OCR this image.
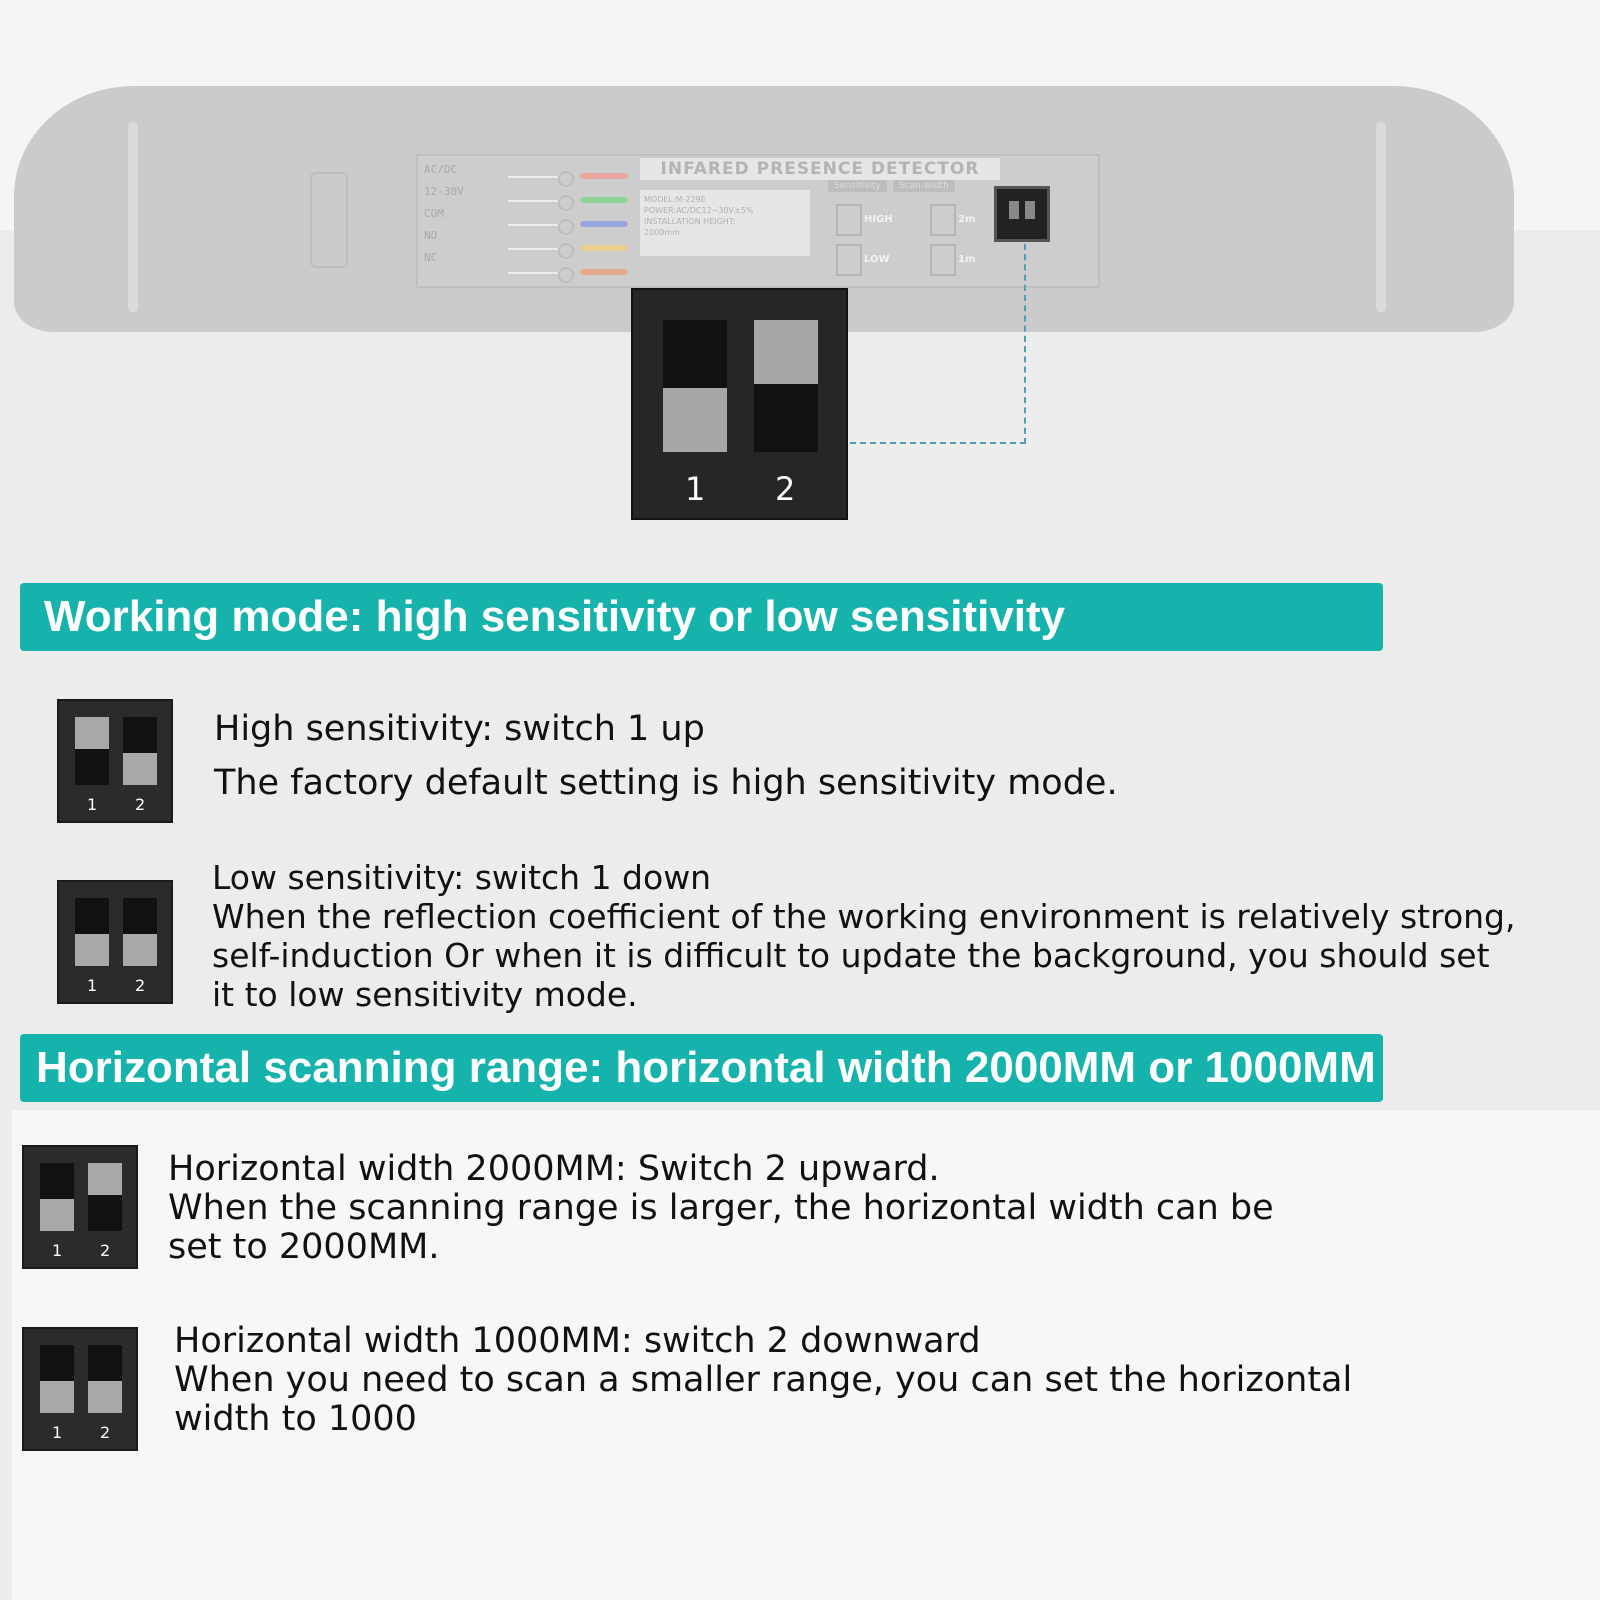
AC/DC
12-30V
COM
NO
NC
INFARED PRESENCE DETECTOR
MODEL:M-229E
POWER:AC/DC12~30V±5%
INSTALLATION HEIGHT:
2000mm
Sensitivity	Scan-width
HIGH
LOW
2m
1m
1 2
Working mode: high sensitivity or low sensitivity
1 2
High sensitivity: switch 1 up
The factory default setting is high sensitivity mode.
1 2
Low sensitivity: switch 1 down
When the reflection coefficient of the working environment is relatively strong,
self-induction Or when it is difficult to update the background, you should set
it to low sensitivity mode.
Horizontal scanning range: horizontal width 2000MM or 1000MM
1 2
Horizontal width 2000MM: Switch 2 upward.
When the scanning range is larger, the horizontal width can be
set to 2000MM.
1 2
Horizontal width 1000MM: switch 2 downward
When you need to scan a smaller range, you can set the horizontal
width to 1000
